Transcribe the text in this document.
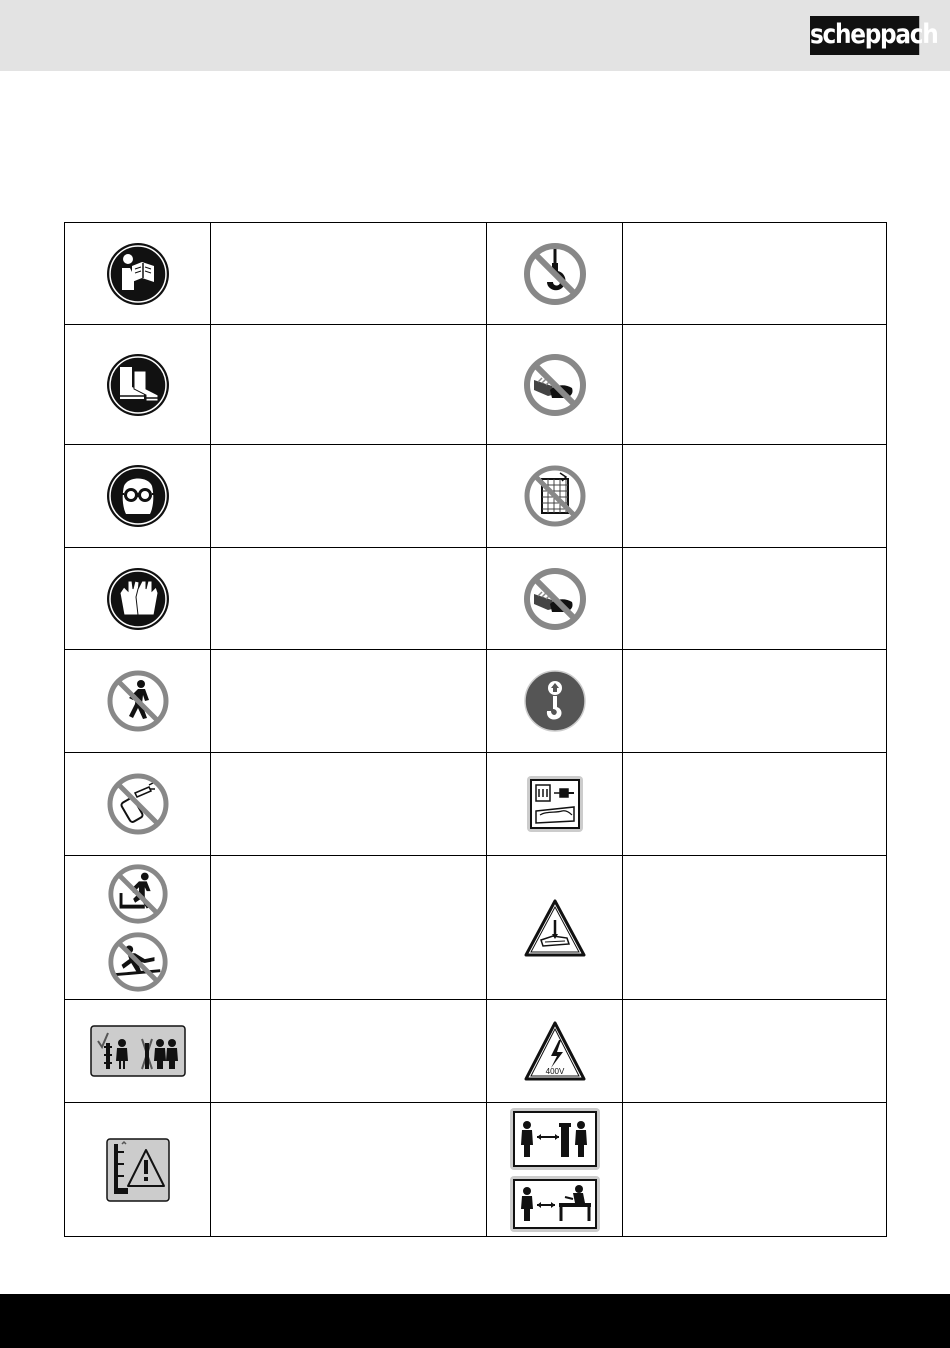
scheppach

400V	
